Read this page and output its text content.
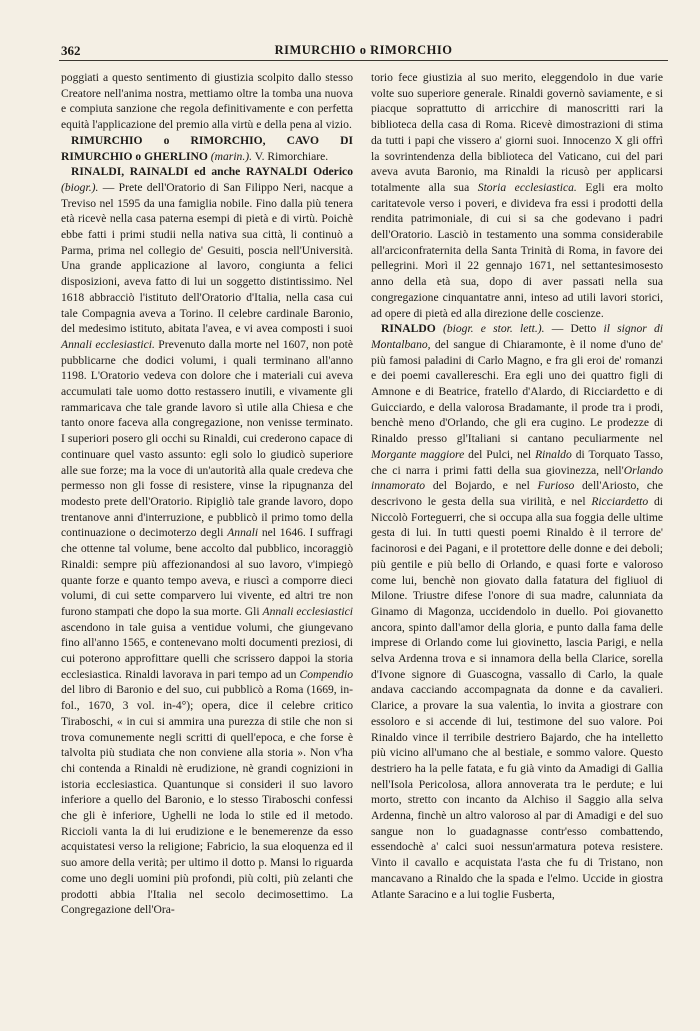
362	RIMURCHIO o RIMORCHIO

poggiati a questo sentimento di giustizia scolpito dallo stesso Creatore nell'anima nostra, mettiamo oltre la tomba una nuova e compiuta sanzione che regola definitivamente e con perfetta equità l'applicazione del premio alla virtù e della pena al vizio.

RIMURCHIO o RIMORCHIO, CAVO DI RIMURCHIO o GHERLINO (marin.). V. Rimorchiare.

RINALDI, RAINALDI ed anche RAYNALDI Oderico (biogr.). — Prete dell'Oratorio di San Filippo Neri, nacque a Treviso nel 1595 da una famiglia nobile. Fino dalla più tenera età ricevè nella casa paterna esempi di pietà e di virtù. Poichè ebbe fatti i primi studii nella nativa sua città, li continuò a Parma, prima nel collegio de' Gesuiti, poscia nell'Università. Una grande applicazione al lavoro, congiunta a felici disposizioni, aveva fatto di lui un soggetto distintissimo. Nel 1618 abbracciò l'istituto dell'Oratorio d'Italia, nella casa cui tale Compagnia aveva a Torino. Il celebre cardinale Baronio, del medesimo istituto, abitata l'avea, e vi avea composti i suoi Annali ecclesiastici. Prevenuto dalla morte nel 1607, non potè pubblicarne che dodici volumi, i quali terminano all'anno 1198. L'Oratorio vedeva con dolore che i materiali cui aveva accumulati tale uomo dotto restassero inutili, e vivamente gli rammaricava che tale grande lavoro sì utile alla Chiesa e che tanto onore faceva alla congregazione, non venisse terminato. I superiori posero gli occhi su Rinaldi, cui crederono capace di continuare quel vasto assunto: egli solo lo giudicò superiore alle sue forze; ma la voce di un'autorità alla quale credeva che permesso non gli fosse di resistere, vinse la ripugnanza del modesto prete dell'Oratorio. Ripigliò tale grande lavoro, dopo trentanove anni d'interruzione, e pubblicò il primo tomo della continuazione o decimoterzo degli Annali nel 1646. I suffragi che ottenne tal volume, bene accolto dal pubblico, incoraggiò Rinaldi: sempre più affezionandosi al suo lavoro, v'impiegò quante forze e quanto tempo aveva, e riuscì a comporre dieci volumi, di cui sette comparvero lui vivente, ed altri tre non furono stampati che dopo la sua morte. Gli Annali ecclesiastici ascendono in tale guisa a ventidue volumi, che giungevano fino all'anno 1565, e contenevano molti documenti preziosi, di cui poterono approfittare quelli che scrissero dappoi la storia ecclesiastica. Rinaldi lavorava in pari tempo ad un Compendio del libro di Baronio e del suo, cui pubblicò a Roma (1669, in-fol., 1670, 3 vol. in-4°); opera, dice il celebre critico Tiraboschi, « in cui si ammira una purezza di stile che non si trova comunemente negli scritti di quell'epoca, e che forse è talvolta più studiata che non conviene alla storia ». Non v'ha chi contenda a Rinaldi nè erudizione, nè grandi cognizioni in istoria ecclesiastica. Quantunque si consideri il suo lavoro inferiore a quello del Baronio, e lo stesso Tiraboschi confessi che gli è inferiore, Ughelli ne loda lo stile ed il metodo. Riccioli vanta la di lui erudizione e le benemerenze da esso acquistatesi verso la religione; Fabricio, la sua eloquenza ed il suo amore della verità; per ultimo il dotto p. Mansi lo riguarda come uno degli uomini più profondi, più colti, più zelanti che prodotti abbia l'Italia nel secolo decimosettimo. La Congregazione dell'Ora-

torio fece giustizia al suo merito, eleggendolo in due varie volte suo superiore generale. Rinaldi governò saviamente, e si piacque soprattutto di arricchire di manoscritti rari la biblioteca della casa di Roma. Ricevè dimostrazioni di stima da tutti i papi che vissero a' giorni suoi. Innocenzo X gli offrì la sovrintendenza della biblioteca del Vaticano, cui del pari aveva avuta Baronio, ma Rinaldi la ricusò per applicarsi totalmente alla sua Storia ecclesiastica. Egli era molto caritatevole verso i poveri, e divideva fra essi i prodotti della rendita patrimoniale, di cui si sa che godevano i padri dell'Oratorio. Lasciò in testamento una somma considerabile all'arciconfraternita della Santa Trinità di Roma, in favore dei pellegrini. Morì il 22 gennajo 1671, nel settantesimosesto anno della età sua, dopo di aver passati nella sua congregazione cinquantatre anni, inteso ad utili lavori storici, ad opere di pietà ed alla direzione delle coscienze.

RINALDO (biogr. e stor. lett.). — Detto il signor di Montalbano, del sangue di Chiaramonte, è il nome d'uno de' più famosi paladini di Carlo Magno, e fra gli eroi de' romanzi e dei poemi cavallereschi. Era egli uno dei quattro figli di Amnone e di Beatrice, fratello d'Alardo, di Ricciardetto e di Guicciardo, e della valorosa Bradamante, il prode tra i prodi, benchè meno d'Orlando, che gli era cugino. Le prodezze di Rinaldo presso gl'Italiani si cantano peculiarmente nel Morgante maggiore del Pulci, nel Rinaldo di Torquato Tasso, che ci narra i primi fatti della sua giovinezza, nell'Orlando innamorato del Bojardo, e nel Furioso dell'Ariosto, che descrivono le gesta della sua virilità, e nel Ricciardetto di Niccolò Forteguerri, che si occupa alla sua foggia delle ultime gesta di lui. In tutti questi poemi Rinaldo è il terrore de' facinorosi e dei Pagani, e il protettore delle donne e dei deboli; più gentile e più bello di Orlando, e quasi forte e valoroso come lui, benchè non giovato dalla fatatura del figliuol di Milone. Triustre difese l'onore di sua madre, calunniata da Ginamo di Magonza, uccidendolo in duello. Poi giovanetto ancora, spinto dall'amor della gloria, e punto dalla fama delle imprese di Orlando come lui giovinetto, lascia Parigi, e nella selva Ardenna trova e si innamora della bella Clarice, sorella d'Ivone signore di Guascogna, vassallo di Carlo, la quale andava cacciando accompagnata da donne e da cavalieri. Clarice, a provare la sua valentìa, lo invita a giostrare con essoloro e si accende di lui, testimone del suo valore. Poi Rinaldo vince il terribile destriero Bajardo, che ha intelletto più vicino all'umano che al bestiale, e sommo valore. Questo destriero ha la pelle fatata, e fu già vinto da Amadigi di Gallia nell'Isola Pericolosa, allora annoverata tra le perdute; e lui morto, stretto con incanto da Alchiso il Saggio alla selva Ardenna, finchè un altro valoroso al par di Amadigi e del suo sangue non lo guadagnasse contr'esso combattendo, essendochè a' calci suoi nessun'armatura poteva resistere. Vinto il cavallo e acquistata l'asta che fu di Tristano, non mancavano a Rinaldo che la spada e l'elmo. Uccide in giostra Atlante Saracino e a lui toglie Fusberta,
